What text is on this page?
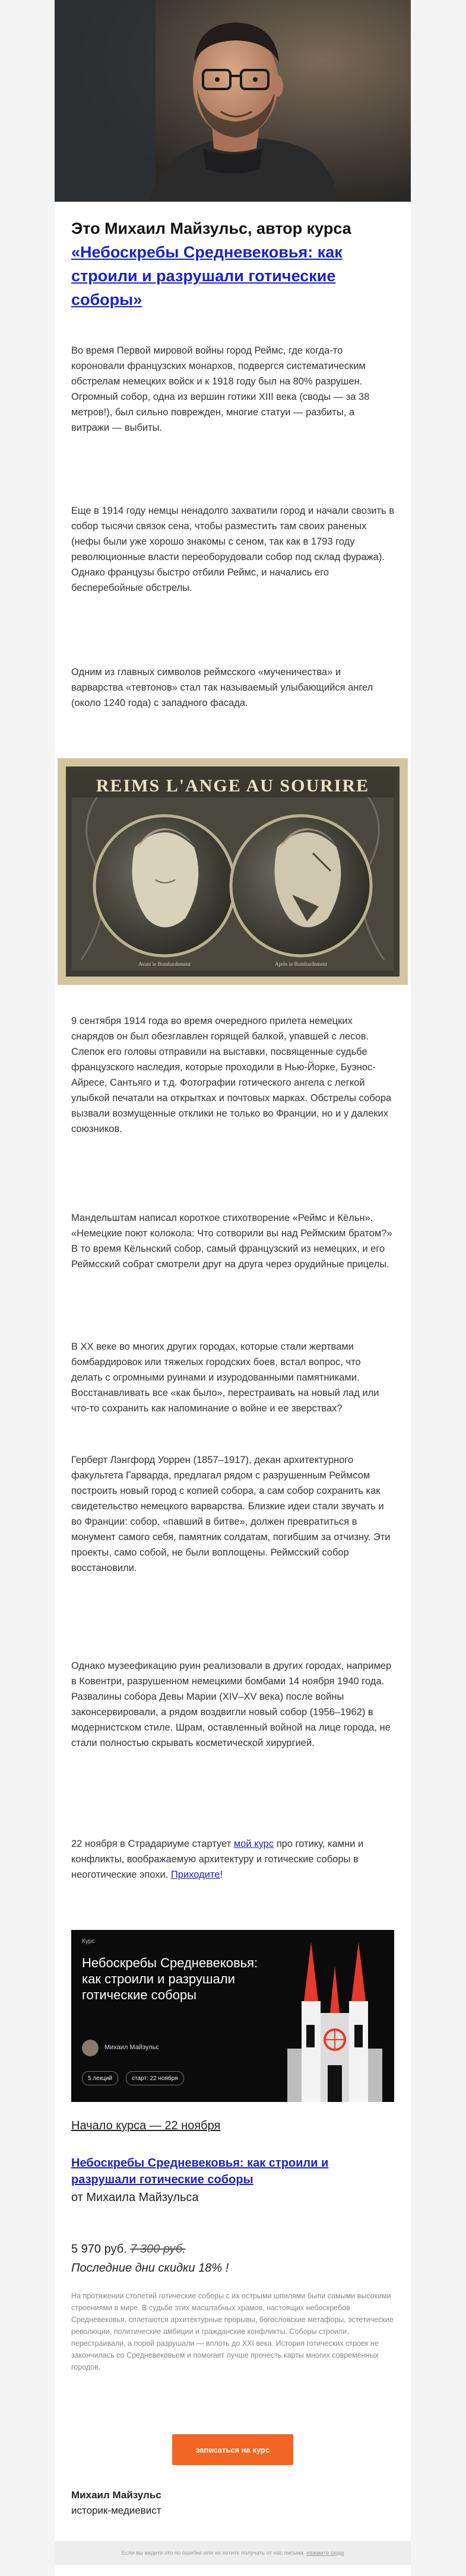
Это Михаил Майзульс, автор курса
«Небоскребы Средневековья: как строили и разрушали готические соборы»

Во время Первой мировой войны город Реймс, где когда-то короновали французских монархов, подвергся систематическим обстрелам немецких войск и к 1918 году был на 80% разрушен. Огромный собор, одна из вершин готики XIII века (своды — за 38 метров!), был сильно поврежден, многие статуи — разбиты, а витражи — выбиты.

Еще в 1914 году немцы ненадолго захватили город и начали свозить в собор тысячи связок сена, чтобы разместить там своих раненых (нефы были уже хорошо знакомы с сеном, так как в 1793 году революционные власти переоборудовали собор под склад фуража). Однако французы быстро отбили Реймс, и начались его бесперебойные обстрелы.

Одним из главных символов реймсского «мученичества» и варварства «тевтонов» стал так называемый улыбающийся ангел (около 1240 года) с западного фасада.

REIMS L'ANGE AU SOURIRE
Avant le Bombardement	Après le Bombardement

9 сентября 1914 года во время очередного прилета немецких снарядов он был обезглавлен горящей балкой, упавшей с лесов. Слепок его головы отправили на выставки, посвященные судьбе французского наследия, которые проходили в Нью-Йорке, Буэнос-Айресе, Сантьяго и т.д. Фотографии готического ангела с легкой улыбкой печатали на открытках и почтовых марках. Обстрелы собора вызвали возмущенные отклики не только во Франции, но и у далеких союзников.

Мандельштам написал короткое стихотворение «Реймс и Кёльн». «Немецкие поют колокола: Что сотворили вы над Реймским братом?» В то время Кёльнский собор, самый французский из немецких, и его Реймсский собрат смотрели друг на друга через орудийные прицелы.

В XX веке во многих других городах, которые стали жертвами бомбардировок или тяжелых городских боев, встал вопрос, что делать с огромными руинами и изуродованными памятниками. Восстанавливать все «как было», перестраивать на новый лад или что-то сохранить как напоминание о войне и ее зверствах?

Герберт Лэнгфорд Уоррен (1857–1917), декан архитектурного факультета Гарварда, предлагал рядом с разрушенным Реймсом построить новый город с копией собора, а сам собор сохранить как свидетельство немецкого варварства. Близкие идеи стали звучать и во Франции: собор, «павший в битве», должен превратиться в монумент самого себя, памятник солдатам, погибшим за отчизну. Эти проекты, само собой, не были воплощены. Реймсский собор восстановили.

Однако музеефикацию руин реализовали в других городах, например в Ковентри, разрушенном немецкими бомбами 14 ноября 1940 года. Развалины собора Девы Марии (XIV–XV века) после войны законсервировали, а рядом воздвигли новый собор (1956–1962) в модернистском стиле. Шрам, оставленный войной на лице города, не стали полностью скрывать косметической хирургией.

22 ноября в Страдариуме стартует мой курс про готику, камни и конфликты, воображаемую архитектуру и готические соборы в неоготические эпохи. Приходите!

Курс
Небоскребы Средневековья: как строили и разрушали готические соборы
Михаил Майзульс
5 лекций	старт: 22 ноября
Начало курса — 22 ноября
Небоскребы Средневековья: как строили и разрушали готические соборы
от Михаила Майзульса
5 970 руб. 7 300 руб.
Последние дни скидки 18% !

На протяжении столетий готические соборы с их острыми шпилями были самыми высокими строениями в мире. В судьбе этих масштабных храмов, настоящих небоскребов Средневековья, сплетаются архитектурные прорывы, богословские метафоры, эстетические революции, политические амбиции и гражданские конфликты. Соборы строили, перестраивали, а порой разрушали — вплоть до XXI века. История готических строек не закончилась со Средневековьем и помогает лучше прочесть карты многих современных городов.

записаться на курс
Михаил Майзульс
историк-медиевист
Если вы видите это по ошибке или не хотите получать от нас письма,
нажмите сюда
